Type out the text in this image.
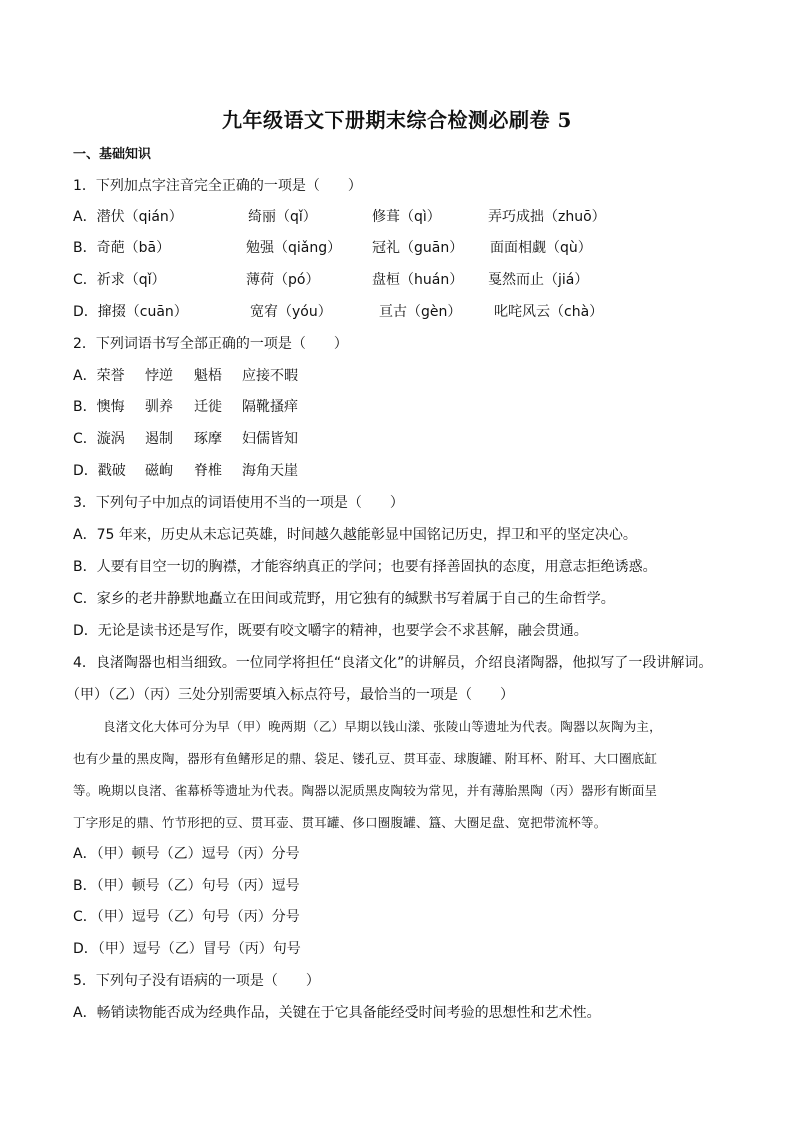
九年级语文下册期末综合检测必刷卷 5
一、基础知识
1．下列加点字注音完全正确的一项是（　　）
A．潜伏（qián）	绮丽（qǐ）	修葺（qì）	弄巧成拙（zhuō）
B．奇葩（bā）	勉强（qiǎng） 冠礼（guān） 面面相觑（qù）
C．祈求（qǐ）	薄荷（pó）	盘桓（huán） 戛然而止（jiá）
D．撺掇（cuān）	宽宥（yóu）	亘古（gèn） 叱咤风云（chà）
2．下列词语书写全部正确的一项是（　　）
A．荣誉 悖逆 魁梧 应接不暇
B．懊悔 驯养 迁徙 隔靴搔痒
C．漩涡 遏制 琢摩 妇儒皆知
D．戳破 磁峋 脊椎 海角天崖
3．下列句子中加点的词语使用不当的一项是（　　）
A．75 年来，历史从未忘记英雄，时间越久越能彰显中国铭记历史，捍卫和平的坚定决心。
B．人要有目空一切的胸襟，才能容纳真正的学问；也要有择善固执的态度，用意志拒绝诱惑。
C．家乡的老井静默地矗立在田间或荒野，用它独有的缄默书写着属于自己的生命哲学。
D．无论是读书还是写作，既要有咬文嚼字的精神，也要学会不求甚解，融会贯通。
4．良渚陶器也相当细致。一位同学将担任“良渚文化”的讲解员，介绍良渚陶器，他拟写了一段讲解词。
（甲）（乙）（丙）三处分别需要填入标点符号，最恰当的一项是（　　）
良渚文化大体可分为早（甲）晚两期（乙）早期以钱山漾、张陵山等遗址为代表。陶器以灰陶为主，
也有少量的黑皮陶，器形有鱼鳍形足的鼎、袋足、镂孔豆、贯耳壶、球腹罐、附耳杯、附耳、大口圈底缸
等。晚期以良渚、雀幕桥等遗址为代表。陶器以泥质黑皮陶较为常见，并有薄胎黑陶（丙）器形有断面呈
丁字形足的鼎、竹节形把的豆、贯耳壶、贯耳罐、侈口圈腹罐、簋、大圈足盘、宽把带流杯等。
A．（甲）顿号（乙）逗号（丙）分号
B．（甲）顿号（乙）句号（丙）逗号
C．（甲）逗号（乙）句号（丙）分号
D．（甲）逗号（乙）冒号（丙）句号
5．下列句子没有语病的一项是（　　）
A．畅销读物能否成为经典作品，关键在于它具备能经受时间考验的思想性和艺术性。
